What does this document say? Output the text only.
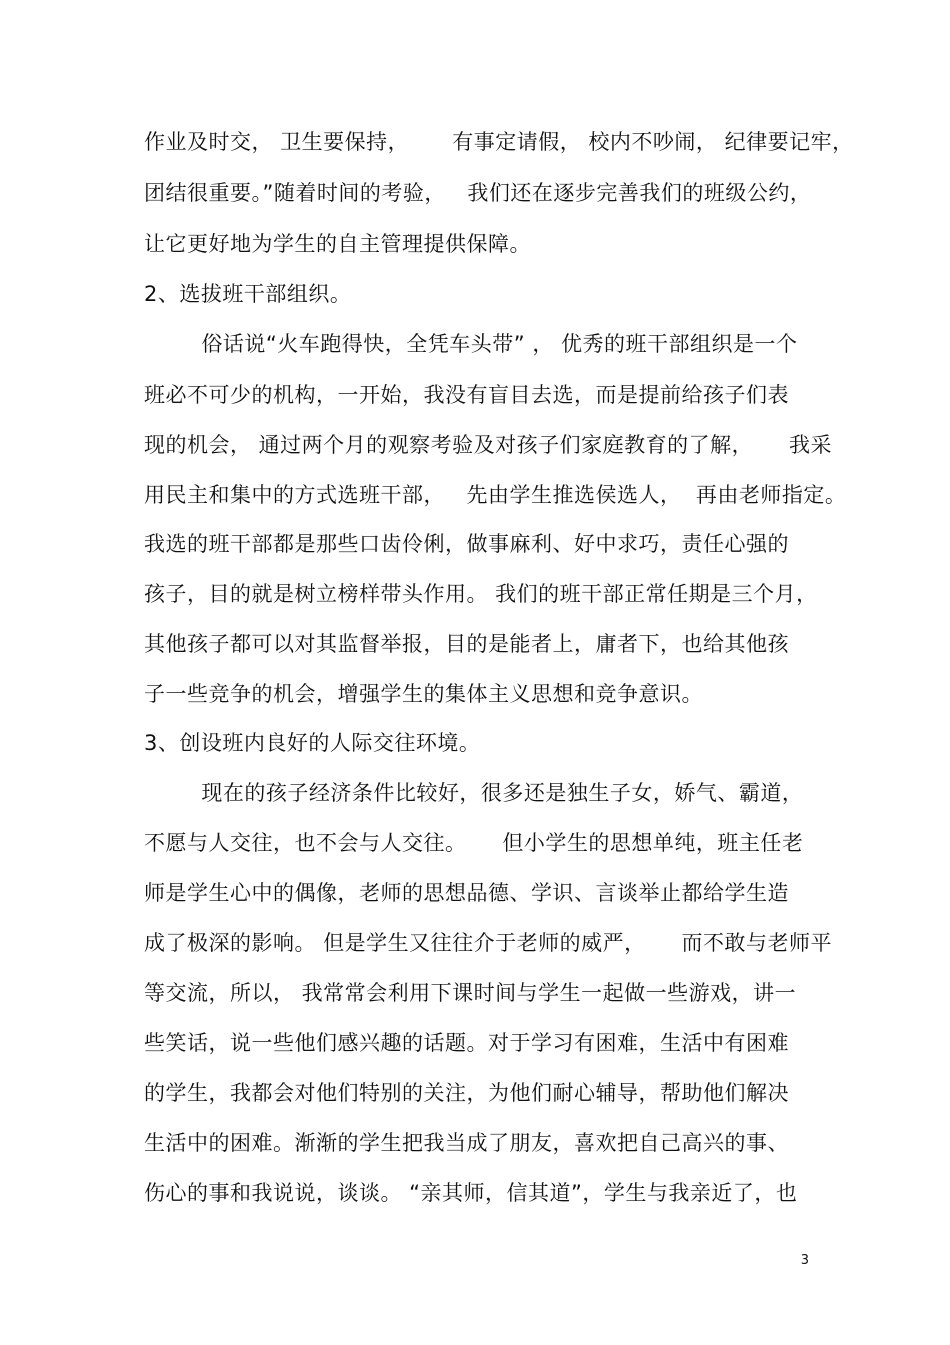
作业及时交， 卫生要保持，      有事定请假， 校内不吵闹， 纪律要记牢，
团结很重要。”随着时间的考验，   我们还在逐步完善我们的班级公约，
让它更好地为学生的自主管理提供保障。
2、选拔班干部组织。
俗话说“火车跑得快，全凭车头带” ， 优秀的班干部组织是一个
班必不可少的机构，一开始，我没有盲目去选，而是提前给孩子们表
现的机会， 通过两个月的观察考验及对孩子们家庭教育的了解，     我采
用民主和集中的方式选班干部，   先由学生推选侯选人，  再由老师指定。
我选的班干部都是那些口齿伶俐，做事麻利、好中求巧，责任心强的
孩子，目的就是树立榜样带头作用。 我们的班干部正常任期是三个月，
其他孩子都可以对其监督举报，目的是能者上，庸者下，也给其他孩
子一些竞争的机会，增强学生的集体主义思想和竞争意识。
3、创设班内良好的人际交往环境。
现在的孩子经济条件比较好，很多还是独生子女，娇气、霸道，
不愿与人交往，也不会与人交往。     但小学生的思想单纯，班主任老
师是学生心中的偶像，老师的思想品德、学识、言谈举止都给学生造
成了极深的影响。 但是学生又往往介于老师的威严，     而不敢与老师平
等交流，所以， 我常常会利用下课时间与学生一起做一些游戏，讲一
些笑话，说一些他们感兴趣的话题。对于学习有困难，生活中有困难
的学生，我都会对他们特别的关注，为他们耐心辅导，帮助他们解决
生活中的困难。渐渐的学生把我当成了朋友，喜欢把自己高兴的事、
伤心的事和我说说，谈谈。 “亲其师，信其道”，学生与我亲近了，也
3
